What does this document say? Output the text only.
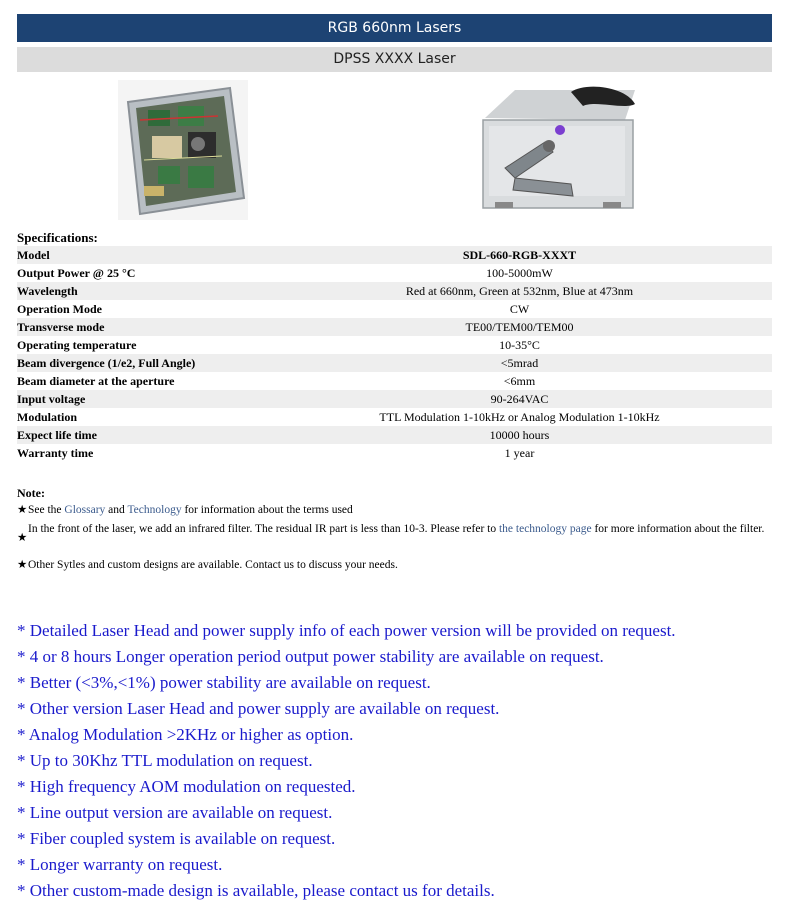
RGB 660nm Lasers
DPSS XXXX Laser
Specifications:
Model	SDL-660-RGB-XXXT
Output Power @ 25 °C	100-5000mW
Wavelength	Red at 660nm, Green at 532nm, Blue at 473nm
Operation Mode	CW
Transverse mode	TE00/TEM00/TEM00
Operating temperature	10-35°C
Beam divergence (1/e2, Full Angle)	<5mrad
Beam diameter at the aperture	<6mm
Input voltage	90-264VAC
Modulation	TTL Modulation 1-10kHz or Analog Modulation 1-10kHz
Expect life time	10000 hours
Warranty time	1 year
Note:
★See the Glossary and Technology for information about the terms used
★
In the front of the laser, we add an infrared filter. The residual IR part is less than 10-3. Please refer to the technology page for more information about the filter.
★Other Sytles and custom designs are available. Contact us to discuss your needs.
* Detailed Laser Head and power supply info of each power version will be provided on request.
* 4 or 8 hours Longer operation period output power stability are available on request.
* Better (<3%,<1%) power stability are available on request.
* Other version Laser Head and power supply are available on request.
* Analog Modulation >2KHz or higher as option.
* Up to 30Khz TTL modulation on request.
* High frequency AOM modulation on requested.
* Line output version are available on request.
* Fiber coupled system is available on request.
* Longer warranty on request.
* Other custom-made design is available, please contact us for details.
